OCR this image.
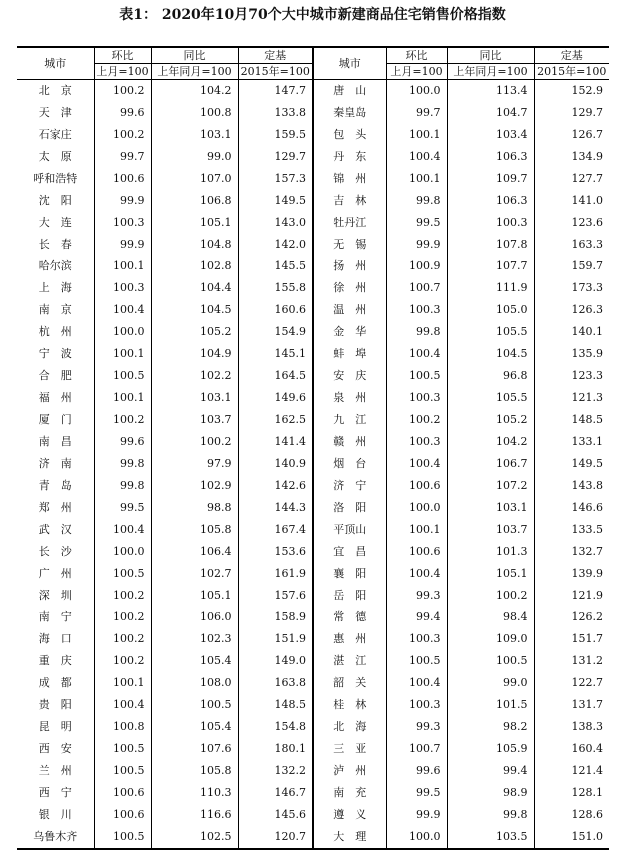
表1： 2020年10月70个大中城市新建商品住宅销售价格指数
城市	环比	同比	定基	城市	环比	同比	定基
	上月=100	上年同月=100	2015年=100		上月=100	上年同月=100	2015年=100
北　京	100.2	104.2	147.7	唐　山	100.0	113.4	152.9
天　津	99.6	100.8	133.8	秦皇岛	99.7	104.7	129.7
石家庄	100.2	103.1	159.5	包　头	100.1	103.4	126.7
太　原	99.7	99.0	129.7	丹　东	100.4	106.3	134.9
呼和浩特	100.6	107.0	157.3	锦　州	100.1	109.7	127.7
沈　阳	99.9	106.8	149.5	吉　林	99.8	106.3	141.0
大　连	100.3	105.1	143.0	牡丹江	99.5	100.3	123.6
长　春	99.9	104.8	142.0	无　锡	99.9	107.8	163.3
哈尔滨	100.1	102.8	145.5	扬　州	100.9	107.7	159.7
上　海	100.3	104.4	155.8	徐　州	100.7	111.9	173.3
南　京	100.4	104.5	160.6	温　州	100.3	105.0	126.3
杭　州	100.0	105.2	154.9	金　华	99.8	105.5	140.1
宁　波	100.1	104.9	145.1	蚌　埠	100.4	104.5	135.9
合　肥	100.5	102.2	164.5	安　庆	100.5	96.8	123.3
福　州	100.1	103.1	149.6	泉　州	100.3	105.5	121.3
厦　门	100.2	103.7	162.5	九　江	100.2	105.2	148.5
南　昌	99.6	100.2	141.4	赣　州	100.3	104.2	133.1
济　南	99.8	97.9	140.9	烟　台	100.4	106.7	149.5
青　岛	99.8	102.9	142.6	济　宁	100.6	107.2	143.8
郑　州	99.5	98.8	144.3	洛　阳	100.0	103.1	146.6
武　汉	100.4	105.8	167.4	平顶山	100.1	103.7	133.5
长　沙	100.0	106.4	153.6	宜　昌	100.6	101.3	132.7
广　州	100.5	102.7	161.9	襄　阳	100.4	105.1	139.9
深　圳	100.2	105.1	157.6	岳　阳	99.3	100.2	121.9
南　宁	100.2	106.0	158.9	常　德	99.4	98.4	126.2
海　口	100.2	102.3	151.9	惠　州	100.3	109.0	151.7
重　庆	100.2	105.4	149.0	湛　江	100.5	100.5	131.2
成　都	100.1	108.0	163.8	韶　关	100.4	99.0	122.7
贵　阳	100.4	100.5	148.5	桂　林	100.3	101.5	131.7
昆　明	100.8	105.4	154.8	北　海	99.3	98.2	138.3
西　安	100.5	107.6	180.1	三　亚	100.7	105.9	160.4
兰　州	100.5	105.8	132.2	泸　州	99.6	99.4	121.4
西　宁	100.6	110.3	146.7	南　充	99.5	98.9	128.1
银　川	100.6	116.6	145.6	遵　义	99.9	99.8	128.6
乌鲁木齐	100.5	102.5	120.7	大　理	100.0	103.5	151.0
